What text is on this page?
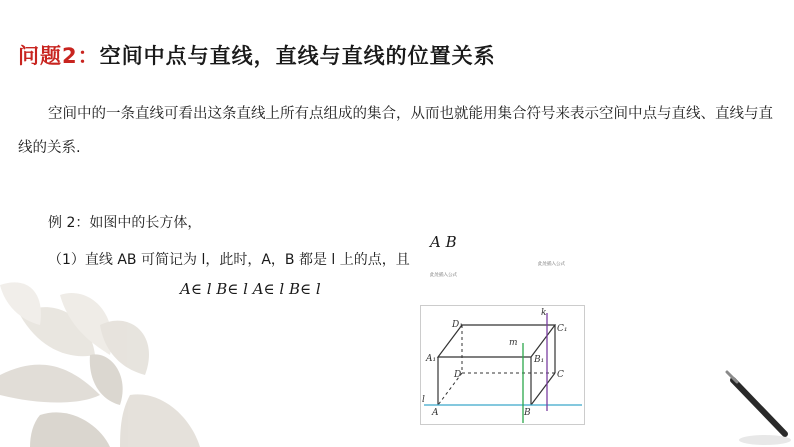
问题2：空间中点与直线，直线与直线的位置关系
空间中的一条直线可看出这条直线上所有点组成的集合，从而也就能用集合符号来表示空间中点与直线、直线与直线的关系.
例 2：如图中的长方体，
（1）直线 AB 可简记为 l，此时，A，B 都是 l 上的点，且
A B
此处插入公式
此处插入公式
A∈ l B∈ l A∈ l B∈ l
D₁	C₁
A₁	B₁
D	C
A	B
l
m
k
